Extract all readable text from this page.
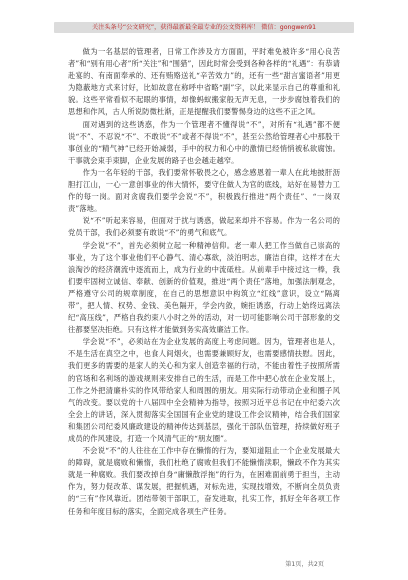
关注头条号“公文研究”，获得最新最全最专业的公文资料库！ 微信：gongwen91

做为一名基层的管理者，日常工作涉及方方面面，平时难免被许多“用心良苦者”和“别有用心者”所“关注”和“围猎”，因此时常会受到各种各样的“礼遇”：有恭请赴宴的、有南面奉承的、还有贿赂送礼“辛苦效力”的，还有一些“甜言蜜语者”用更为隐蔽地方式来讨好，比如故意在称呼中省略“副”字，以此来显示自己的尊重和礼貌。这些平常看似不起眼的事情，却像蚂蚁搬家般无声无息，一步步腐蚀着我们的思想和作风，古人所说防微杜渐，正是提醒我们要警惕身边的这些不正之风。

面对遇到的这些诱惑，作为一个管理者不懂得说“不”，对所有“礼遇”都不便说“不”、不忍说“不”、不敢说“不”或者不得说“不”，甚至公然给管理者心中那股干事创业的“精气神”已经开始减弱，手中的权力和心中的激情已经悄悄被私欲腐蚀。干事就会束手束脚，企业发展的路子也会越走越窄。

作为一名年轻的干部，我们要常怀敬畏之心，感念感恩着一辈人在此地披肝沥胆打江山，一心一意创事业的伟大情怀，要守住做人为官的底线，站好在易替力工作的每一岗。面对贪腐我们要学会说“不”，积极践行推进“两个责任”、“一岗双责”落地。

说“不”听起来容易，但面对于扰与诱惑，做起来却并不容易。作为一名公司的党员干部，我们必须要有敢说“不”的勇气和底气。

学会说“不”，首先必须树立起一种精神信仰。老一辈人把工作当做自己崇高的事业，为了这个事业他们平心静气、清心寡欲，淡泊明志，廉洁自律，这样才在大浪淘沙的经济潮流中逐流而上，成为行业的中流砥柱。从前辈手中接过这一棒，我们要牢固树立诚信、奉献、创新的价值观，推进“两个责任”落地，加强法制观念，严格遵守公司的规章制度，在自己的思想意识中构筑立“红线”意识，设立“隔离带”，把人情、权势、金钱、美色隔开，学会内敛，婉拒诱惑，行动上始终远离法纪“高压线”，严格自我约束八小时之外的活动，对一切可能影响公司干部形象的交往都要坚决拒绝。只有这样才能做到务实高效廉洁工作。

学会说“不”，必须站在为企业发展的高度上考虑问题。因为，管理者也是人，不是生活在真空之中，也食人间烟火，也需要兼顾好友，也需要感情扶慰。因此，我们更多的需要的是家人的关心和为家人创造幸福的行动，不能由着性子按照所需的官场和名利场的游戏规则来安排自己的生活，而是工作中把心放在企业发展上，工作之外把清廉朴实的作风带给家人和周围的朋友。用实际行动带动企业和圈子风气的改变。要以党的十八届四中全会精神为指导，按照习近平总书记在中纪委六次全会上的讲话，深入贯彻落实全国国有企业党的建设工作会议精神，结合我们国家和集团公司纪委风廉政建设的精神传达到基层，强化干部队伍管理，持续做好班子成员的作风建设，打造一个风清气正的“朋友圈”。

不会说“不”的人往往在工作中存在懒惰的行为，要知道阻止一个企业发展最大的障碍，就是腐败和懒惰，我们杜绝了腐败但我们不能懒惰渎职，懒政不作为其实就是一种腐败。我们要改掉自身“庸懒散浮拖”的行为，在困难面前勇于担当，主动作为，努力促改革、谋发展，把握机遇，对标先进，实现技增效，不断向全员负责的“三有”作风靠近。团结带领干部职工，奋发进取，扎实工作，抓好全年各项工作任务和年度目标的落实，全面完成各项生产任务。

第1页，共2页
